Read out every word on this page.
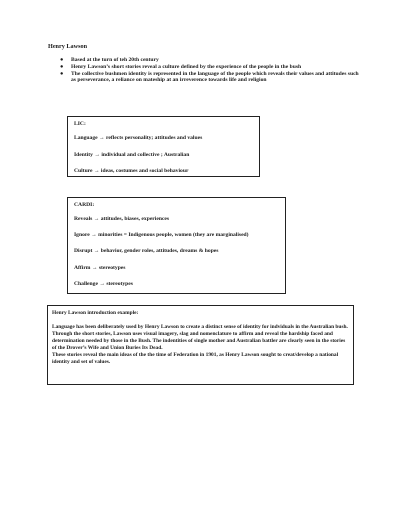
Henry Lawson
● Based at the turn of teh 20th century
● Henry Lawson’s short stories reveal a culture defined by the experience of the people in the bush
● The collective bushmen identity is represented in the language of the people which reveals their values and attitudes such as perseverance, a reliance on mateship at an irreverence towards life and religion
LIC:
Language → reflects personality; attitudes and values
Identity → individual and collective ; Australian
Culture → ideas, costumes and social behaviour
CARDI:
Reveals → attitudes, biases, experiences
Ignore → minorities = Indigenous people, women (they are marginalised)
Disrupt → behavior, gender roles, attitudes, dreams & hopes
Affirm → stereotypes
Challenge → stereotypes
Henry Lawson introduction example:

Language has been deliberately used by Henry Lawson to create a distinct sense of identity for indviduals in the Australian bush. Through the short stories, Lawson uses visual imagery, slag and nomenclature to affirm and reveal the hardship faced and determination needed by those in the Bush. The indentities of single mother and Australian battler are clearly seen in the stories of the Drover’s Wife and Union Buries Its Dead.

These stories reveal the main ideas of the the time of Federation in 1901, as Henry Lawson sought to creat/develop a national identity and set of values.
